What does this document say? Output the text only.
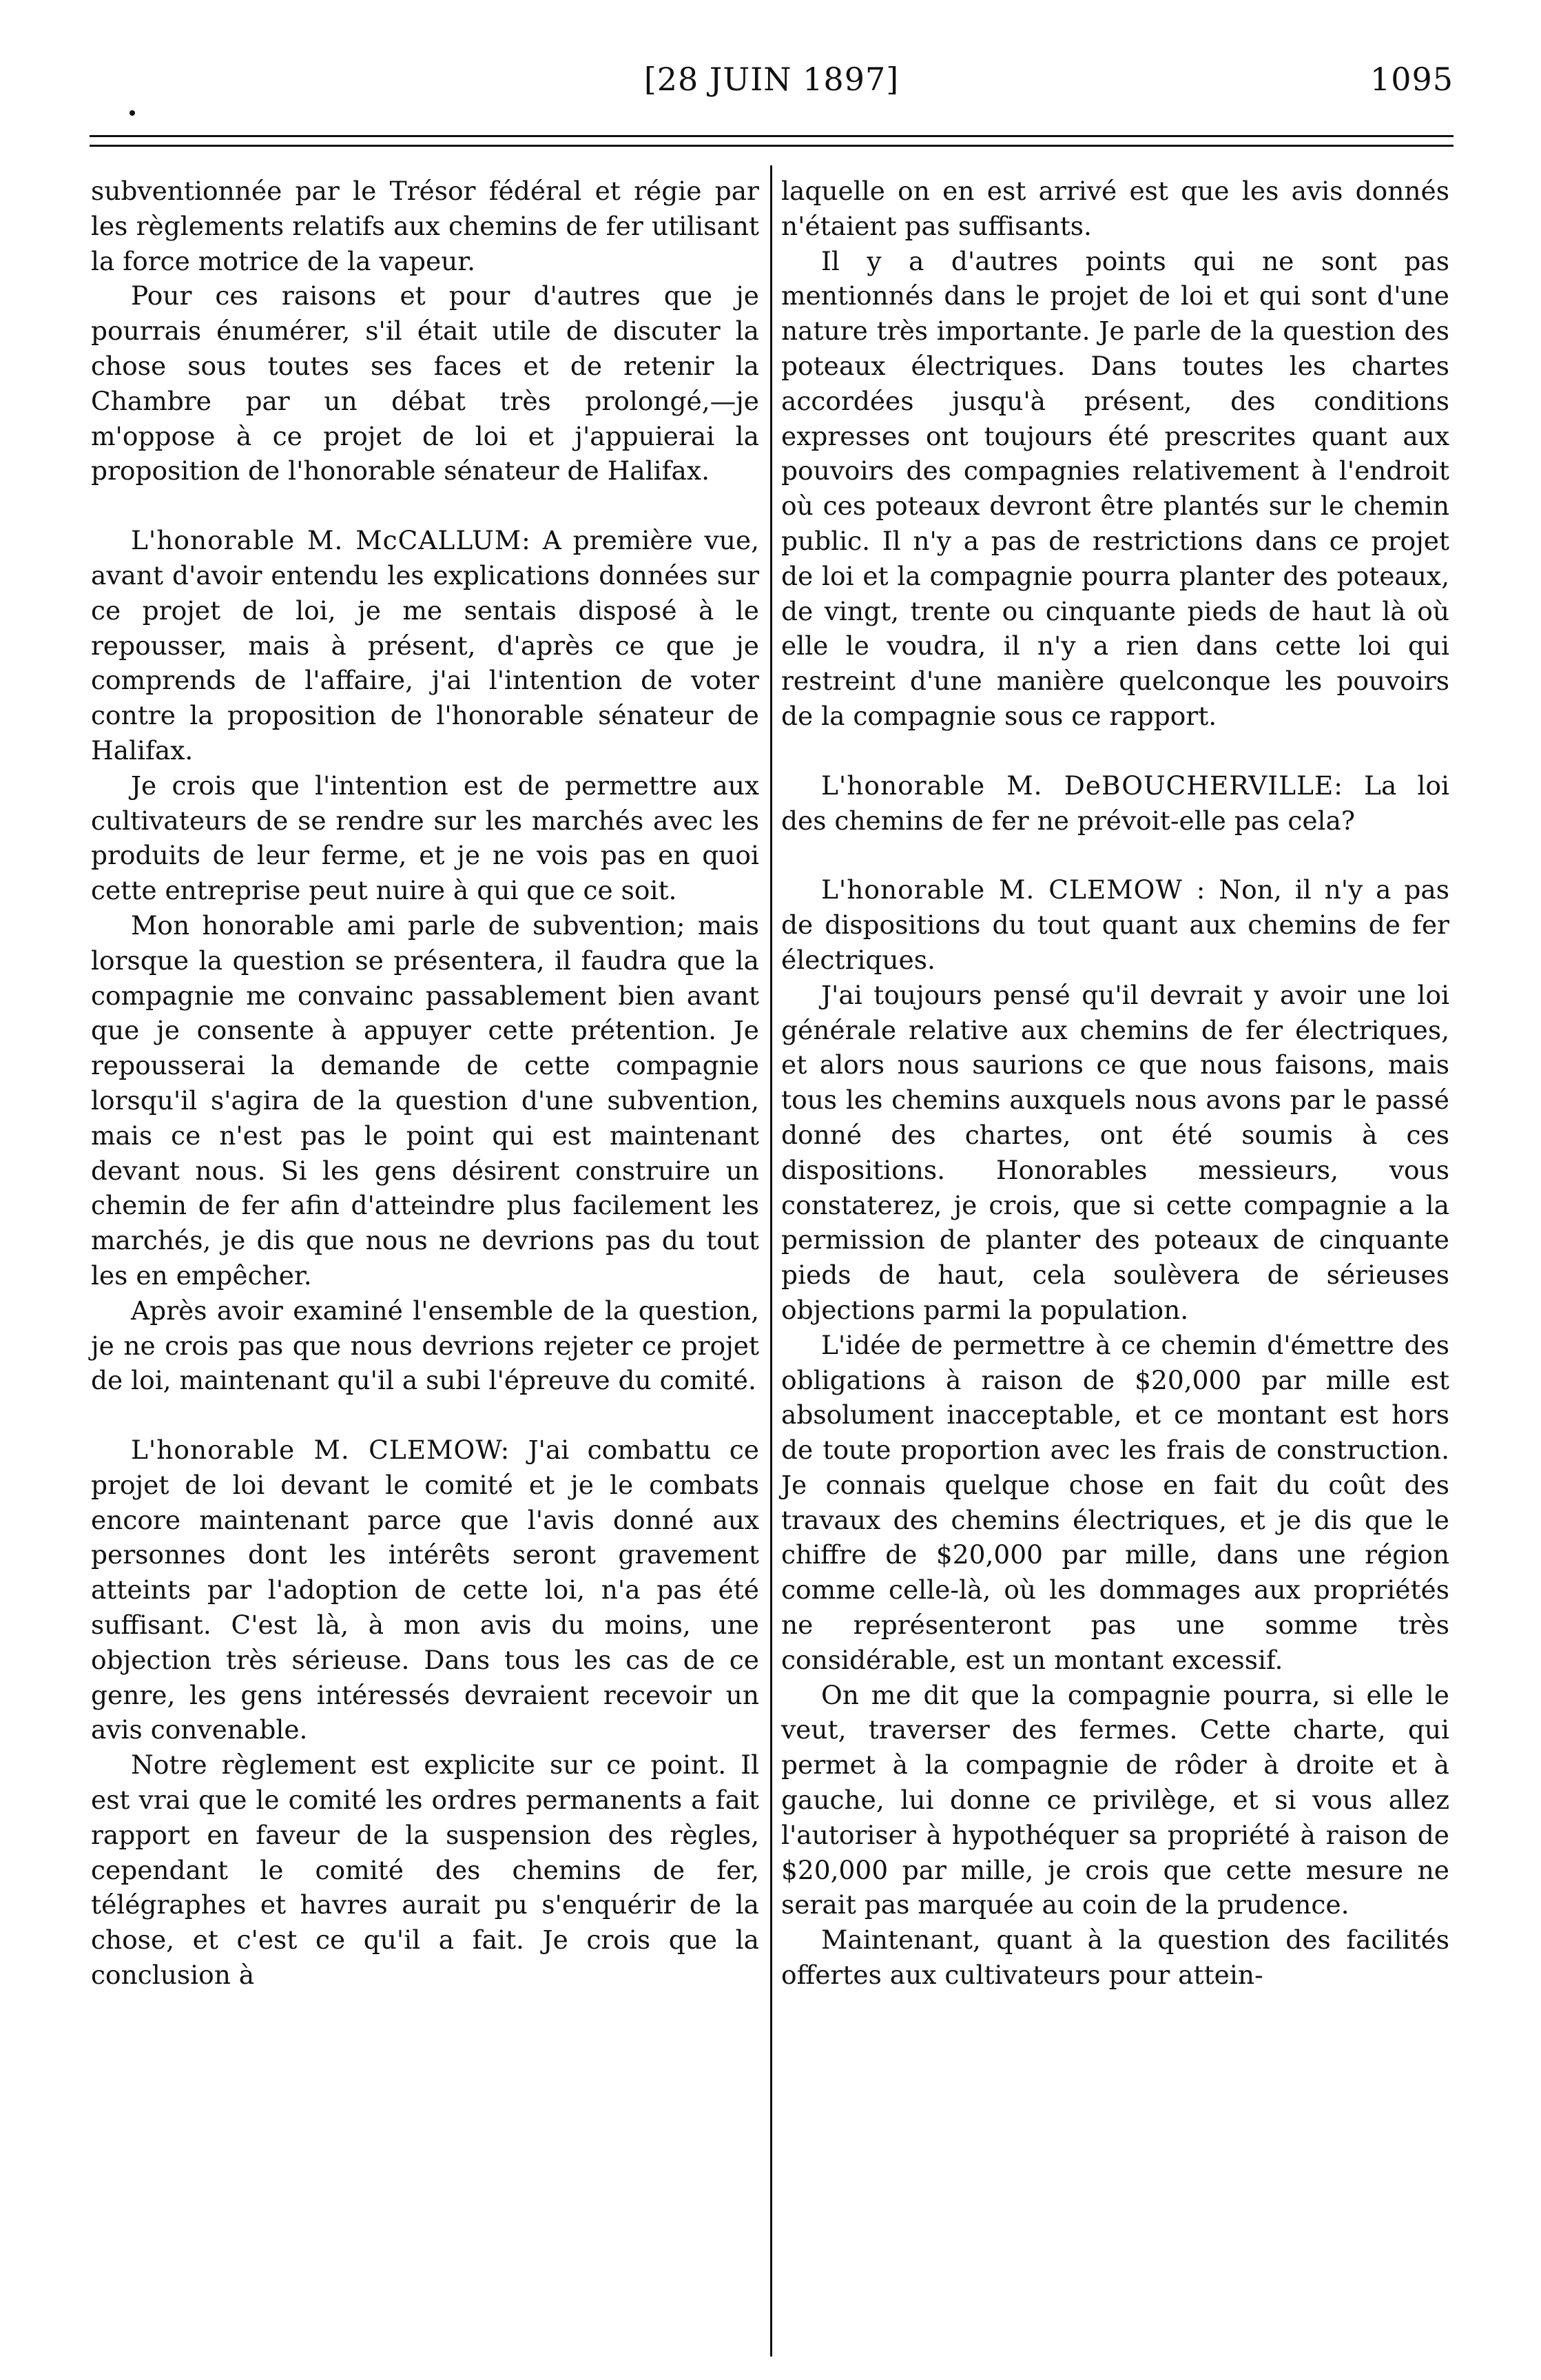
[28 JUIN 1897]	1095

subventionnée par le Trésor fédéral et régie par les règlements relatifs aux chemins de fer utilisant la force motrice de la vapeur.

Pour ces raisons et pour d'autres que je pourrais énumérer, s'il était utile de discuter la chose sous toutes ses faces et de retenir la Chambre par un débat très prolongé,—je m'oppose à ce projet de loi et j'appuierai la proposition de l'honorable sénateur de Halifax.

L'honorable M. McCALLUM: A première vue, avant d'avoir entendu les explications données sur ce projet de loi, je me sentais disposé à le repousser, mais à présent, d'après ce que je comprends de l'affaire, j'ai l'intention de voter contre la proposition de l'honorable sénateur de Halifax.

Je crois que l'intention est de permettre aux cultivateurs de se rendre sur les marchés avec les produits de leur ferme, et je ne vois pas en quoi cette entreprise peut nuire à qui que ce soit.

Mon honorable ami parle de subvention; mais lorsque la question se présentera, il faudra que la compagnie me convainc passablement bien avant que je consente à appuyer cette prétention. Je repousserai la demande de cette compagnie lorsqu'il s'agira de la question d'une subvention, mais ce n'est pas le point qui est maintenant devant nous. Si les gens désirent construire un chemin de fer afin d'atteindre plus facilement les marchés, je dis que nous ne devrions pas du tout les en empêcher.

Après avoir examiné l'ensemble de la question, je ne crois pas que nous devrions rejeter ce projet de loi, maintenant qu'il a subi l'épreuve du comité.

L'honorable M. CLEMOW: J'ai combattu ce projet de loi devant le comité et je le combats encore maintenant parce que l'avis donné aux personnes dont les intérêts seront gravement atteints par l'adoption de cette loi, n'a pas été suffisant. C'est là, à mon avis du moins, une objection très sérieuse. Dans tous les cas de ce genre, les gens intéressés devraient recevoir un avis convenable.

Notre règlement est explicite sur ce point. Il est vrai que le comité les ordres permanents a fait rapport en faveur de la suspension des règles, cependant le comité des chemins de fer, télégraphes et havres aurait pu s'enquérir de la chose, et c'est ce qu'il a fait. Je crois que la conclusion à

laquelle on en est arrivé est que les avis donnés n'étaient pas suffisants.

Il y a d'autres points qui ne sont pas mentionnés dans le projet de loi et qui sont d'une nature très importante. Je parle de la question des poteaux électriques. Dans toutes les chartes accordées jusqu'à présent, des conditions expresses ont toujours été prescrites quant aux pouvoirs des compagnies relativement à l'endroit où ces poteaux devront être plantés sur le chemin public. Il n'y a pas de restrictions dans ce projet de loi et la compagnie pourra planter des poteaux, de vingt, trente ou cinquante pieds de haut là où elle le voudra, il n'y a rien dans cette loi qui restreint d'une manière quelconque les pouvoirs de la compagnie sous ce rapport.

L'honorable M. DeBOUCHERVILLE: La loi des chemins de fer ne prévoit-elle pas cela?

L'honorable M. CLEMOW : Non, il n'y a pas de dispositions du tout quant aux chemins de fer électriques.

J'ai toujours pensé qu'il devrait y avoir une loi générale relative aux chemins de fer électriques, et alors nous saurions ce que nous faisons, mais tous les chemins auxquels nous avons par le passé donné des chartes, ont été soumis à ces dispositions. Honorables messieurs, vous constaterez, je crois, que si cette compagnie a la permission de planter des poteaux de cinquante pieds de haut, cela soulèvera de sérieuses objections parmi la population.

L'idée de permettre à ce chemin d'émettre des obligations à raison de $20,000 par mille est absolument inacceptable, et ce montant est hors de toute proportion avec les frais de construction. Je connais quelque chose en fait du coût des travaux des chemins électriques, et je dis que le chiffre de $20,000 par mille, dans une région comme celle-là, où les dommages aux propriétés ne représenteront pas une somme très considérable, est un montant excessif.

On me dit que la compagnie pourra, si elle le veut, traverser des fermes. Cette charte, qui permet à la compagnie de rôder à droite et à gauche, lui donne ce privilège, et si vous allez l'autoriser à hypothéquer sa propriété à raison de $20,000 par mille, je crois que cette mesure ne serait pas marquée au coin de la prudence.

Maintenant, quant à la question des facilités offertes aux cultivateurs pour attein-
